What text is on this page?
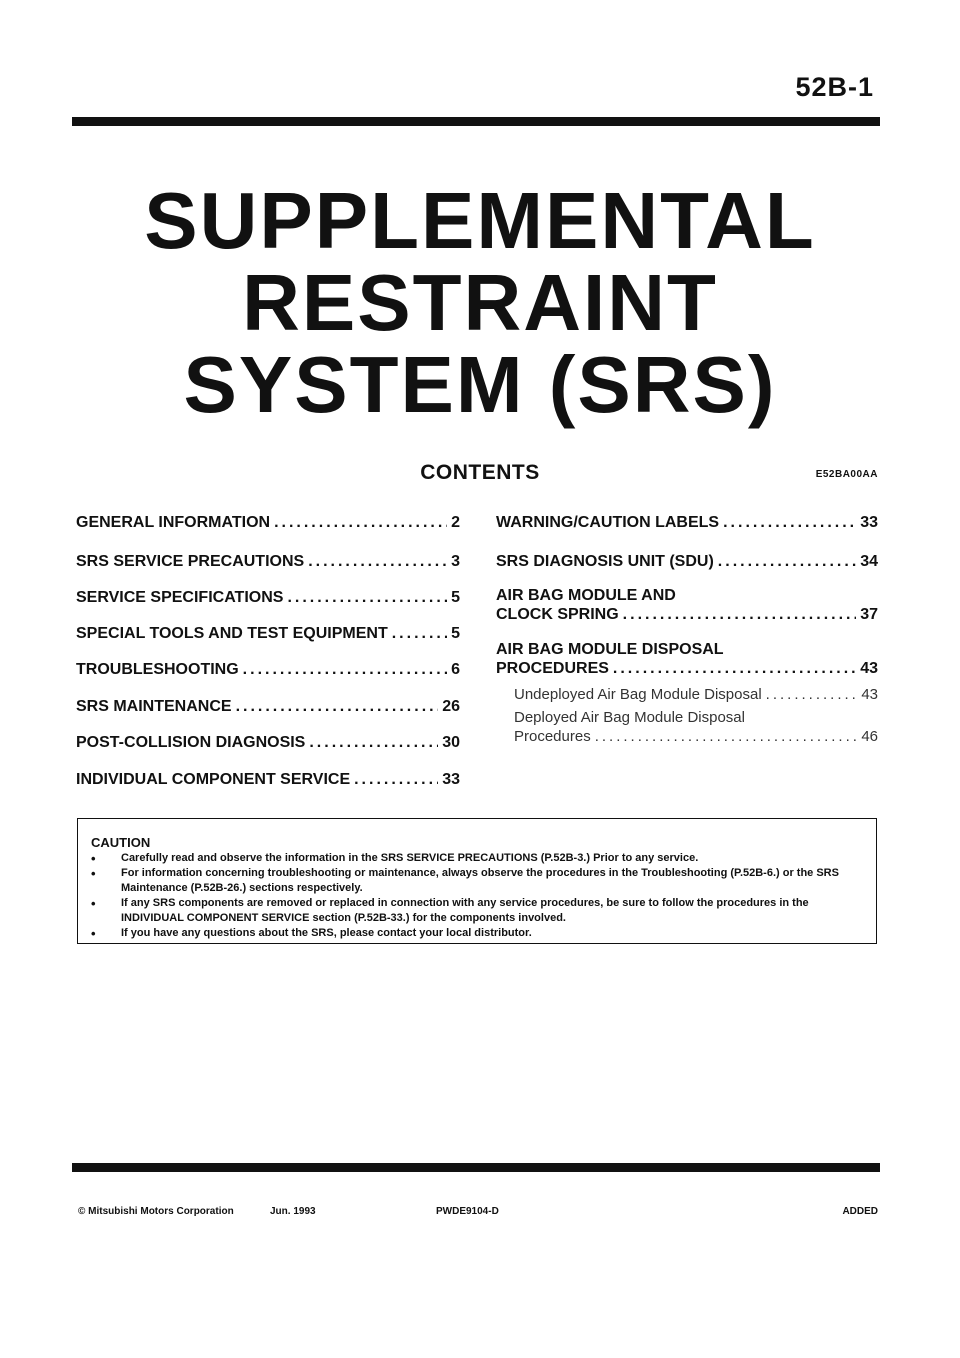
52B-1
SUPPLEMENTAL
RESTRAINT
SYSTEM (SRS)
CONTENTS	E52BA00AA
GENERAL INFORMATION .....	2
SRS SERVICE PRECAUTIONS .....	3
SERVICE SPECIFICATIONS .....	5
SPECIAL TOOLS AND TEST EQUIPMENT .....	5
TROUBLESHOOTING .....	6
SRS MAINTENANCE .....	26
POST-COLLISION DIAGNOSIS .....	30
INDIVIDUAL COMPONENT SERVICE .....	33
WARNING/CAUTION LABELS .....	33
SRS DIAGNOSIS UNIT (SDU) .....	34
AIR BAG MODULE AND
CLOCK SPRING .....	37
AIR BAG MODULE DISPOSAL
PROCEDURES .....	43
Undeployed Air Bag Module Disposal .....	43
Deployed Air Bag Module Disposal
Procedures .....	46
CAUTION
• Carefully read and observe the information in the SRS SERVICE PRECAUTIONS (P.52B-3.) Prior to any service.
• For information concerning troubleshooting or maintenance, always observe the procedures in the Troubleshooting (P.52B-6.) or the SRS Maintenance (P.52B-26.) sections respectively.
• If any SRS components are removed or replaced in connection with any service procedures, be sure to follow the procedures in the INDIVIDUAL COMPONENT SERVICE section (P.52B-33.) for the components involved.
• If you have any questions about the SRS, please contact your local distributor.
© Mitsubishi Motors Corporation	Jun. 1993	PWDE9104-D	ADDED
